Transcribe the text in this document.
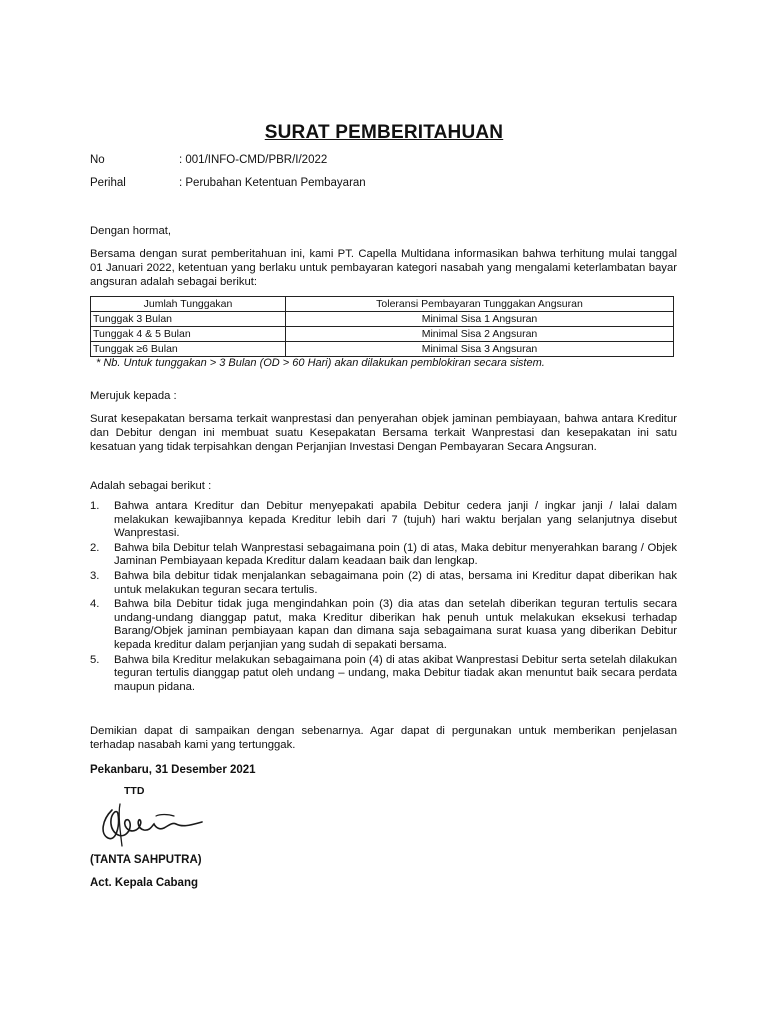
SURAT PEMBERITAHUAN
No	: 001/INFO-CMD/PBR/I/2022
Perihal	: Perubahan Ketentuan Pembayaran
Dengan hormat,
Bersama dengan surat pemberitahuan ini, kami PT. Capella Multidana informasikan bahwa terhitung mulai tanggal 01 Januari 2022, ketentuan yang berlaku untuk pembayaran kategori nasabah yang mengalami keterlambatan bayar angsuran adalah sebagai berikut:
Jumlah Tunggakan	Toleransi Pembayaran Tunggakan Angsuran
Tunggak 3 Bulan	Minimal Sisa 1 Angsuran
Tunggak 4 & 5 Bulan	Minimal Sisa 2 Angsuran
Tunggak ≥6 Bulan	Minimal Sisa 3 Angsuran
* Nb. Untuk tunggakan > 3 Bulan (OD > 60 Hari) akan dilakukan pemblokiran secara sistem.
Merujuk kepada :
Surat kesepakatan bersama terkait wanprestasi dan penyerahan objek jaminan pembiayaan, bahwa antara Kreditur dan Debitur dengan ini membuat suatu Kesepakatan Bersama terkait Wanprestasi dan kesepakatan ini satu kesatuan yang tidak terpisahkan dengan Perjanjian Investasi Dengan Pembayaran Secara Angsuran.
Adalah sebagai berikut :
1. Bahwa antara Kreditur dan Debitur menyepakati apabila Debitur cedera janji / ingkar janji / lalai dalam melakukan kewajibannya kepada Kreditur lebih dari 7 (tujuh) hari waktu berjalan yang selanjutnya disebut Wanprestasi.
2. Bahwa bila Debitur telah Wanprestasi sebagaimana poin (1) di atas, Maka debitur menyerahkan barang / Objek Jaminan Pembiayaan kepada Kreditur dalam keadaan baik dan lengkap.
3. Bahwa bila debitur tidak menjalankan sebagaimana poin (2) di atas, bersama ini Kreditur dapat diberikan hak untuk melakukan teguran secara tertulis.
4. Bahwa bila Debitur tidak juga mengindahkan poin (3) dia atas dan setelah diberikan teguran tertulis secara undang-undang dianggap patut, maka Kreditur diberikan hak penuh untuk melakukan eksekusi terhadap Barang/Objek jaminan pembiayaan kapan dan dimana saja sebagaimana surat kuasa yang diberikan Debitur kepada kreditur dalam perjanjian yang sudah di sepakati bersama.
5. Bahwa bila Kreditur melakukan sebagaimana poin (4) di atas akibat Wanprestasi Debitur serta setelah dilakukan teguran tertulis dianggap patut oleh undang – undang, maka Debitur tiadak akan menuntut baik secara perdata maupun pidana.
Demikian dapat di sampaikan dengan sebenarnya. Agar dapat di pergunakan untuk memberikan penjelasan terhadap nasabah kami yang tertunggak.
Pekanbaru, 31 Desember 2021
TTD
(TANTA SAHPUTRA)
Act. Kepala Cabang
